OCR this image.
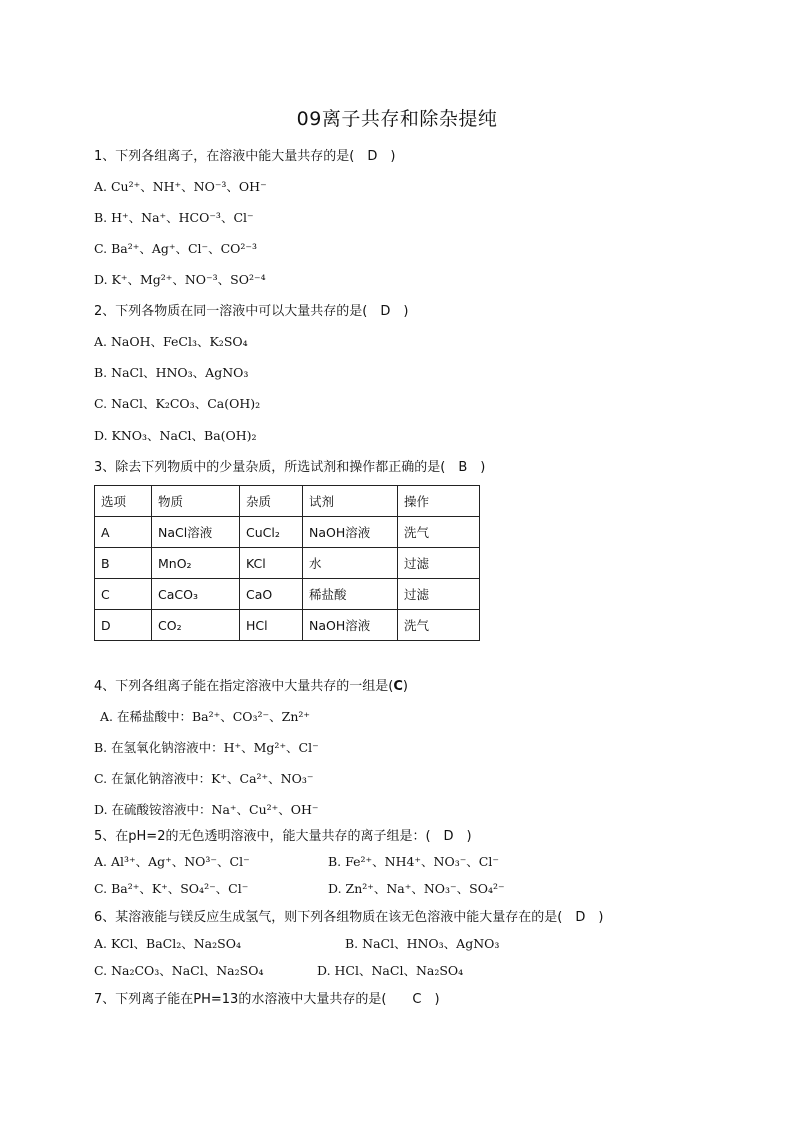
09离子共存和除杂提纯
1、下列各组离子，在溶液中能大量共存的是(　D　)
A. Cu²⁺、NH⁺、NO⁻³、OH⁻
B. H⁺、Na⁺、HCO⁻³、Cl⁻
C. Ba²⁺、Ag⁺、Cl⁻、CO²⁻³
D. K⁺、Mg²⁺、NO⁻³、SO²⁻⁴
2、下列各物质在同一溶液中可以大量共存的是(　D　)
A. NaOH、FeCl₃、K₂SO₄
B. NaCl、HNO₃、AgNO₃
C. NaCl、K₂CO₃、Ca(OH)₂
D. KNO₃、NaCl、Ba(OH)₂
3、除去下列物质中的少量杂质，所选试剂和操作都正确的是(　B　)
选项	物质	杂质	试剂	操作
A	NaCl溶液	CuCl₂	NaOH溶液	洗气
B	MnO₂	KCl	水	过滤
C	CaCO₃	CaO	稀盐酸	过滤
D	CO₂	HCl	NaOH溶液	洗气
4、下列各组离子能在指定溶液中大量共存的一组是(C)
A. 在稀盐酸中：Ba²⁺、CO₃²⁻、Zn²⁺
B. 在氢氧化钠溶液中：H⁺、Mg²⁺、Cl⁻
C. 在氯化钠溶液中：K⁺、Ca²⁺、NO₃⁻
D. 在硫酸铵溶液中：Na⁺、Cu²⁺、OH⁻
5、在pH=2的无色透明溶液中，能大量共存的离子组是：(　D　)
A. Al³⁺、Ag⁺、NO³⁻、Cl⁻	B. Fe²⁺、NH4⁺、NO₃⁻、Cl⁻
C. Ba²⁺、K⁺、SO₄²⁻、Cl⁻	D. Zn²⁺、Na⁺、NO₃⁻、SO₄²⁻
6、某溶液能与镁反应生成氢气，则下列各组物质在该无色溶液中能大量存在的是(　D　)
A. KCl、BaCl₂、Na₂SO₄	B. NaCl、HNO₃、AgNO₃
C. Na₂CO₃、NaCl、Na₂SO₄	D. HCl、NaCl、Na₂SO₄
7、下列离子能在PH=13的水溶液中大量共存的是(　　C　)
